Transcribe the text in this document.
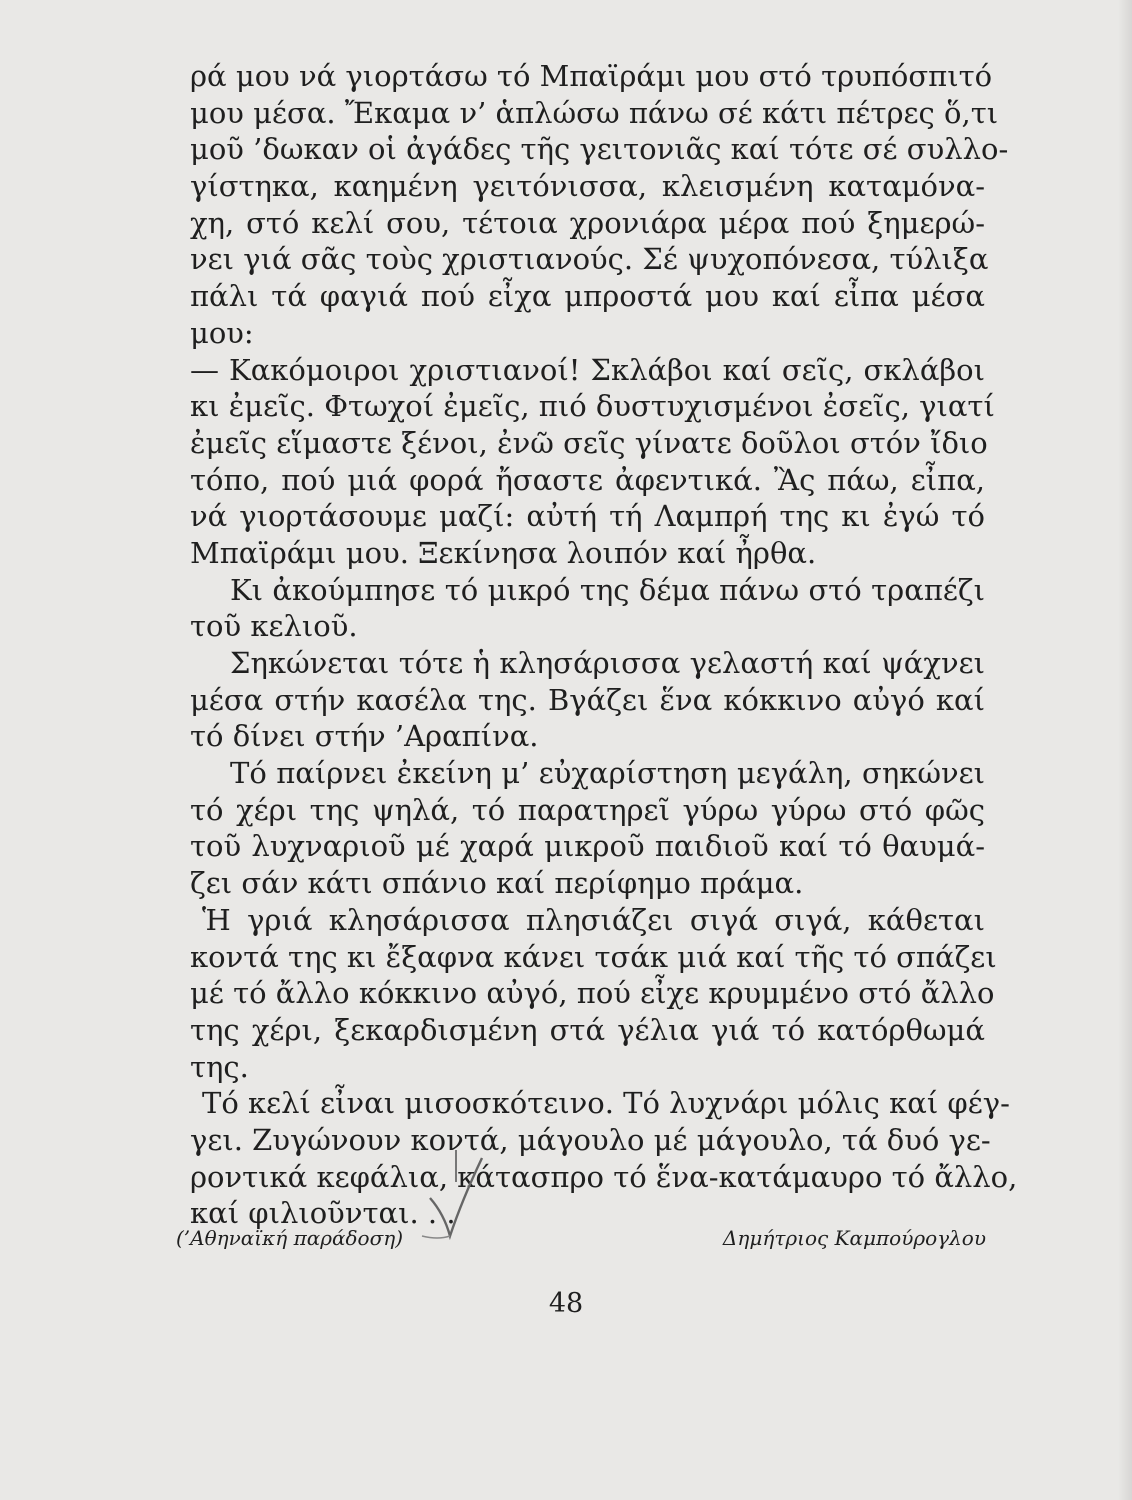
ρά μου νά γιορτάσω τό Μπαϊράμι μου στό τρυπόσπιτό
μου μέσα. Ἔκαμα ν’ ἁπλώσω πάνω σέ κάτι πέτρες ὅ,τι
μοῦ ’δωκαν οἱ ἀγάδες τῆς γειτονιᾶς καί τότε σέ συλλο-
γίστηκα, καημένη γειτόνισσα, κλεισμένη καταμόνα-
χη, στό κελί σου, τέτοια χρονιάρα μέρα πού ξημερώ-
νει γιά σᾶς τοὺς χριστιανούς. Σέ ψυχοπόνεσα, τύλιξα
πάλι τά φαγιά πού εἶχα μπροστά μου καί εἶπα μέσα
μου:
— Κακόμοιροι χριστιανοί! Σκλάβοι καί σεῖς, σκλάβοι
κι ἐμεῖς. Φτωχοί ἐμεῖς, πιό δυστυχισμένοι ἐσεῖς, γιατί
ἐμεῖς εἵμαστε ξένοι, ἐνῶ σεῖς γίνατε δοῦλοι στόν ἴδιο
τόπο, πού μιά φορά ἤσαστε ἀφεντικά. Ἂς πάω, εἶπα,
νά γιορτάσουμε μαζί: αὐτή τή Λαμπρή της κι ἐγώ τό
Μπαϊράμι μου. Ξεκίνησα λοιπόν καί ἦρθα.
Κι ἀκούμπησε τό μικρό της δέμα πάνω στό τραπέζι
τοῦ κελιοῦ.
Σηκώνεται τότε ἡ κλησάρισσα γελαστή καί ψάχνει
μέσα στήν κασέλα της. Βγάζει ἕνα κόκκινο αὐγό καί
τό δίνει στήν ’Αραπίνα.
Τό παίρνει ἐκείνη μ’ εὐχαρίστηση μεγάλη, σηκώνει
τό χέρι της ψηλά, τό παρατηρεῖ γύρω γύρω στό φῶς
τοῦ λυχναριοῦ μέ χαρά μικροῦ παιδιοῦ καί τό θαυμά-
ζει σάν κάτι σπάνιο καί περίφημο πράμα.
Ἡ γριά κλησάρισσα πλησιάζει σιγά σιγά, κάθεται
κοντά της κι ἔξαφνα κάνει τσάκ μιά καί τῆς τό σπάζει
μέ τό ἄλλο κόκκινο αὐγό, πού εἶχε κρυμμένο στό ἄλλο
της χέρι, ξεκαρδισμένη στά γέλια γιά τό κατόρθωμά
της.
Τό κελί εἶναι μισοσκότεινο. Τό λυχνάρι μόλις καί φέγ-
γει. Ζυγώνουν κοντά, μάγουλο μέ μάγουλο, τά δυό γε-
ροντικά κεφάλια, κάτασπρο τό ἕνα-κατάμαυρο τό ἄλλο,
καί φιλιοῦνται. . .
(’Αθηναϊκή παράδοση)	Δημήτριος Καμπούρογλου
48
